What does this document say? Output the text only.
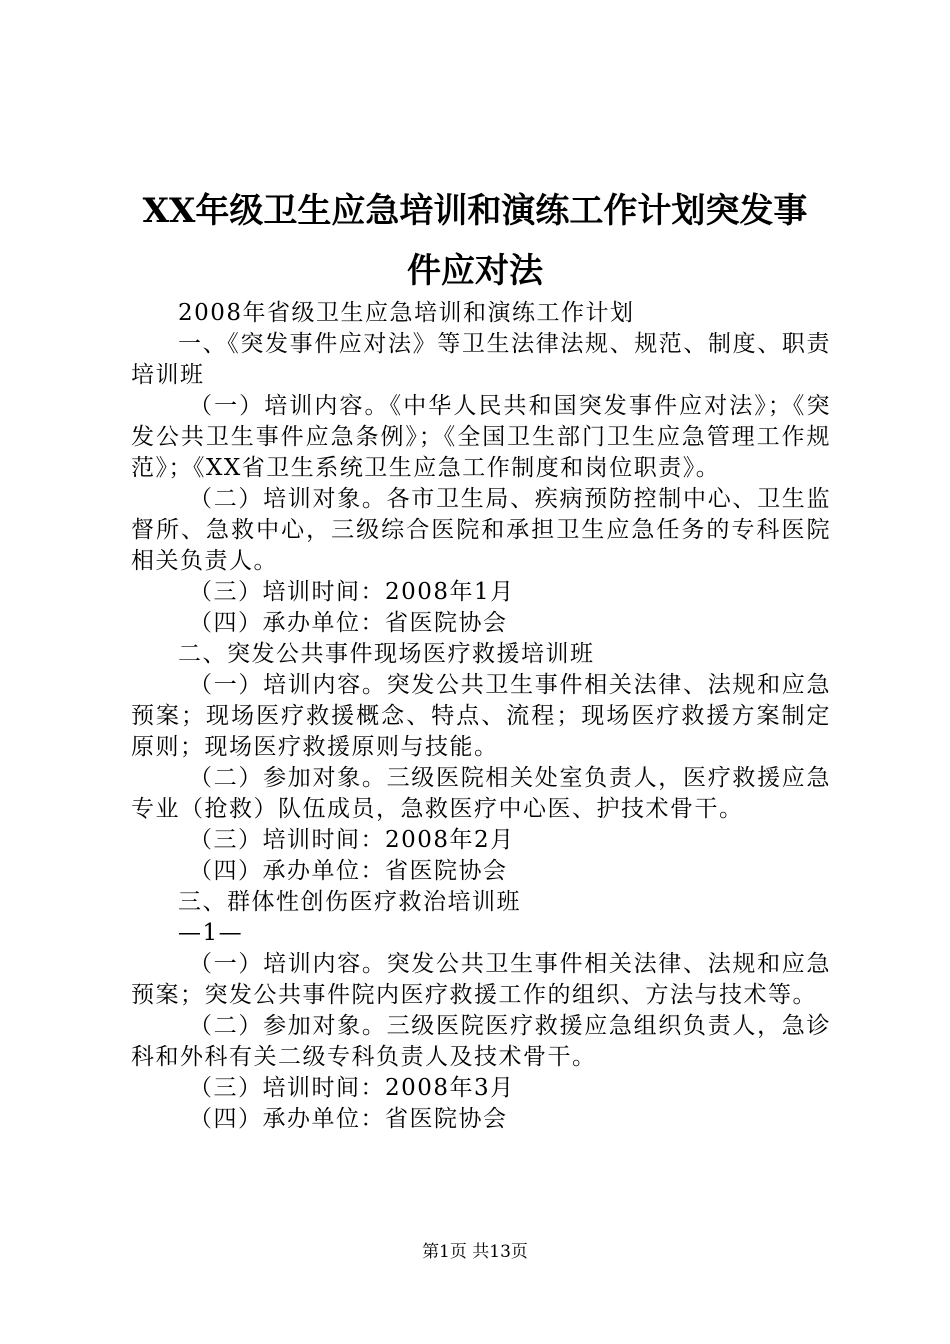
XX年级卫生应急培训和演练工作计划突发事
件应对法

2008年省级卫生应急培训和演练工作计划

一、《突发事件应对法》等卫生法律法规、规范、制度、职责培训班

（一）培训内容。《中华人民共和国突发事件应对法》；《突发公共卫生事件应急条例》；《全国卫生部门卫生应急管理工作规范》；《XX省卫生系统卫生应急工作制度和岗位职责》。

（二）培训对象。各市卫生局、疾病预防控制中心、卫生监督所、急救中心，三级综合医院和承担卫生应急任务的专科医院相关负责人。

（三）培训时间：2008年1月

（四）承办单位：省医院协会

二、突发公共事件现场医疗救援培训班

（一）培训内容。突发公共卫生事件相关法律、法规和应急预案；现场医疗救援概念、特点、流程；现场医疗救援方案制定原则；现场医疗救援原则与技能。

（二）参加对象。三级医院相关处室负责人，医疗救援应急专业（抢救）队伍成员，急救医疗中心医、护技术骨干。

（三）培训时间：2008年2月

（四）承办单位：省医院协会

三、群体性创伤医疗救治培训班

—1—

（一）培训内容。突发公共卫生事件相关法律、法规和应急预案；突发公共事件院内医疗救援工作的组织、方法与技术等。

（二）参加对象。三级医院医疗救援应急组织负责人，急诊科和外科有关二级专科负责人及技术骨干。

（三）培训时间：2008年3月

（四）承办单位：省医院协会

第1页 共13页
